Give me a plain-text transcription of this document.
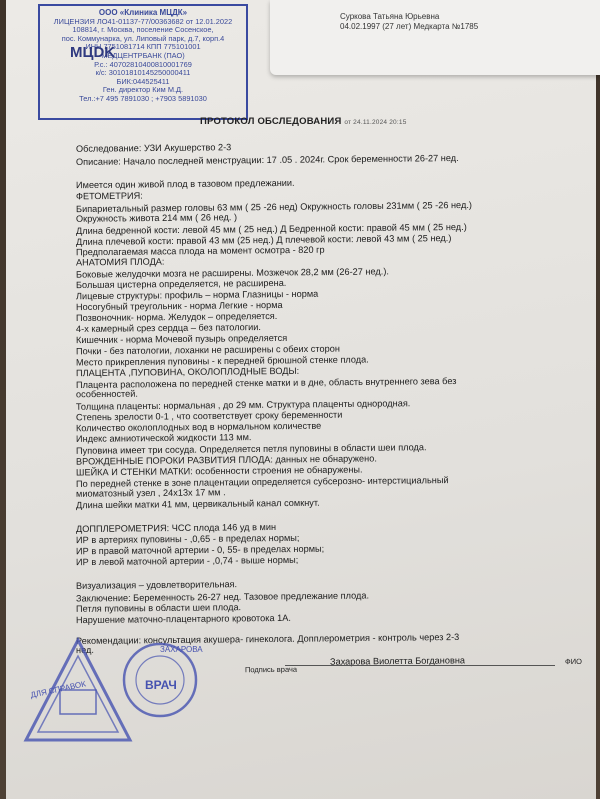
Суркова Татьяна Юрьевна
04.02.1997 (27 лет) Медкарта №1785
ООО «Клиника МЦДК»
ЛИЦЕНЗИЯ ЛО41-01137-77/00363682 от 12.01.2022
108814, г. Москва, поселение Сосенское,
пос. Коммунарка, ул. Липовый парк, д.7, корп.4
ИНН 7751081714 КПП 775101001
МЕДЦЕНТРБАНК (ПАО)
Р.с.: 40702810400810001769
к/с: 30101810145250000411
БИК:044525411
Ген. директор Ким М.Д.
Тел.:+7 495 7891030 ; +7903 5891030
МЦDK
ПРОТОКОЛ ОБСЛЕДОВАНИЯ от 24.11.2024 20:15
Обследование: УЗИ Акушерство 2-3
Описание: Начало последней менструации: 17 .05 . 2024г. Срок беременности 26-27 нед.
Имеется один живой плод в тазовом предлежании.
ФЕТОМЕТРИЯ:
Бипариетальный размер головы 63 мм ( 25 -26 нед) Окружность головы 231мм ( 25 -26 нед.)
Окружность живота 214 мм ( 26 нед. )
Длина бедренной кости: левой 45 мм ( 25 нед.) Д Бедренной кости: правой 45 мм ( 25 нед.)
Длина плечевой кости: правой 43 мм (25 нед.) Д плечевой кости: левой 43 мм ( 25 нед.)
Предполагаемая масса плода на момент осмотра - 820 гр
АНАТОМИЯ ПЛОДА:
Боковые желудочки мозга не расширены. Мозжечок 28,2 мм (26-27 нед.).
Большая цистерна определяется, не расширена.
Лицевые структуры: профиль – норма Глазницы - норма
Носогубный треугольник - норма Легкие - норма
Позвоночник- норма. Желудок – определяется.
4-х камерный срез сердца – без патологии.
Кишечник - норма Мочевой пузырь определяется
Почки - без патологии, лоханки не расширены с обеих сторон
Место прикрепления пуповины - к передней брюшной стенке плода.
ПЛАЦЕНТА ,ПУПОВИНА, ОКОЛОПЛОДНЫЕ ВОДЫ:
Плацента расположена по передней стенке матки и в дне, область внутреннего зева без
особенностей.
Толщина плаценты: нормальная , до 29 мм. Структура плаценты однородная.
Степень зрелости 0-1 , что соответствует сроку беременности
Количество околоплодных вод в нормальном количестве
Индекс амниотической жидкости 113 мм.
Пуповина имеет три сосуда. Определяется петля пуповины в области шеи плода.
ВРОЖДЕННЫЕ ПОРОКИ РАЗВИТИЯ ПЛОДА: данных не обнаружено.
ШЕЙКА И СТЕНКИ МАТКИ: особенности строения не обнаружены.
По передней стенке в зоне плацентации определяется субсерозно- интерстициальный
миоматозный узел , 24х13х 17 мм .
Длина шейки матки 41 мм, цервикальный канал сомкнут.
ДОППЛЕРОМЕТРИЯ: ЧСС плода 146 уд в мин
ИР в артериях пуповины - ,0,65 - в пределах нормы;
ИР в правой маточной артерии - 0, 55- в пределах нормы;
ИР в левой маточной артерии - ,0,74 - выше нормы;
Визуализация – удовлетворительная.
Заключение: Беременность 26-27 нед. Тазовое предлежание плода.
Петля пуповины в области шеи плода.
Нарушение маточно-плацентарного кровотока 1А.
Рекомендации: консультация акушера- гинеколога. Допплерометрия - контроль через 2-3
нед.
Подпись врача
Захарова Виолетта Богдановна	ФИО
ДЛЯ СПРАВОК	ВРАЧ
ЗАХАРОВА
